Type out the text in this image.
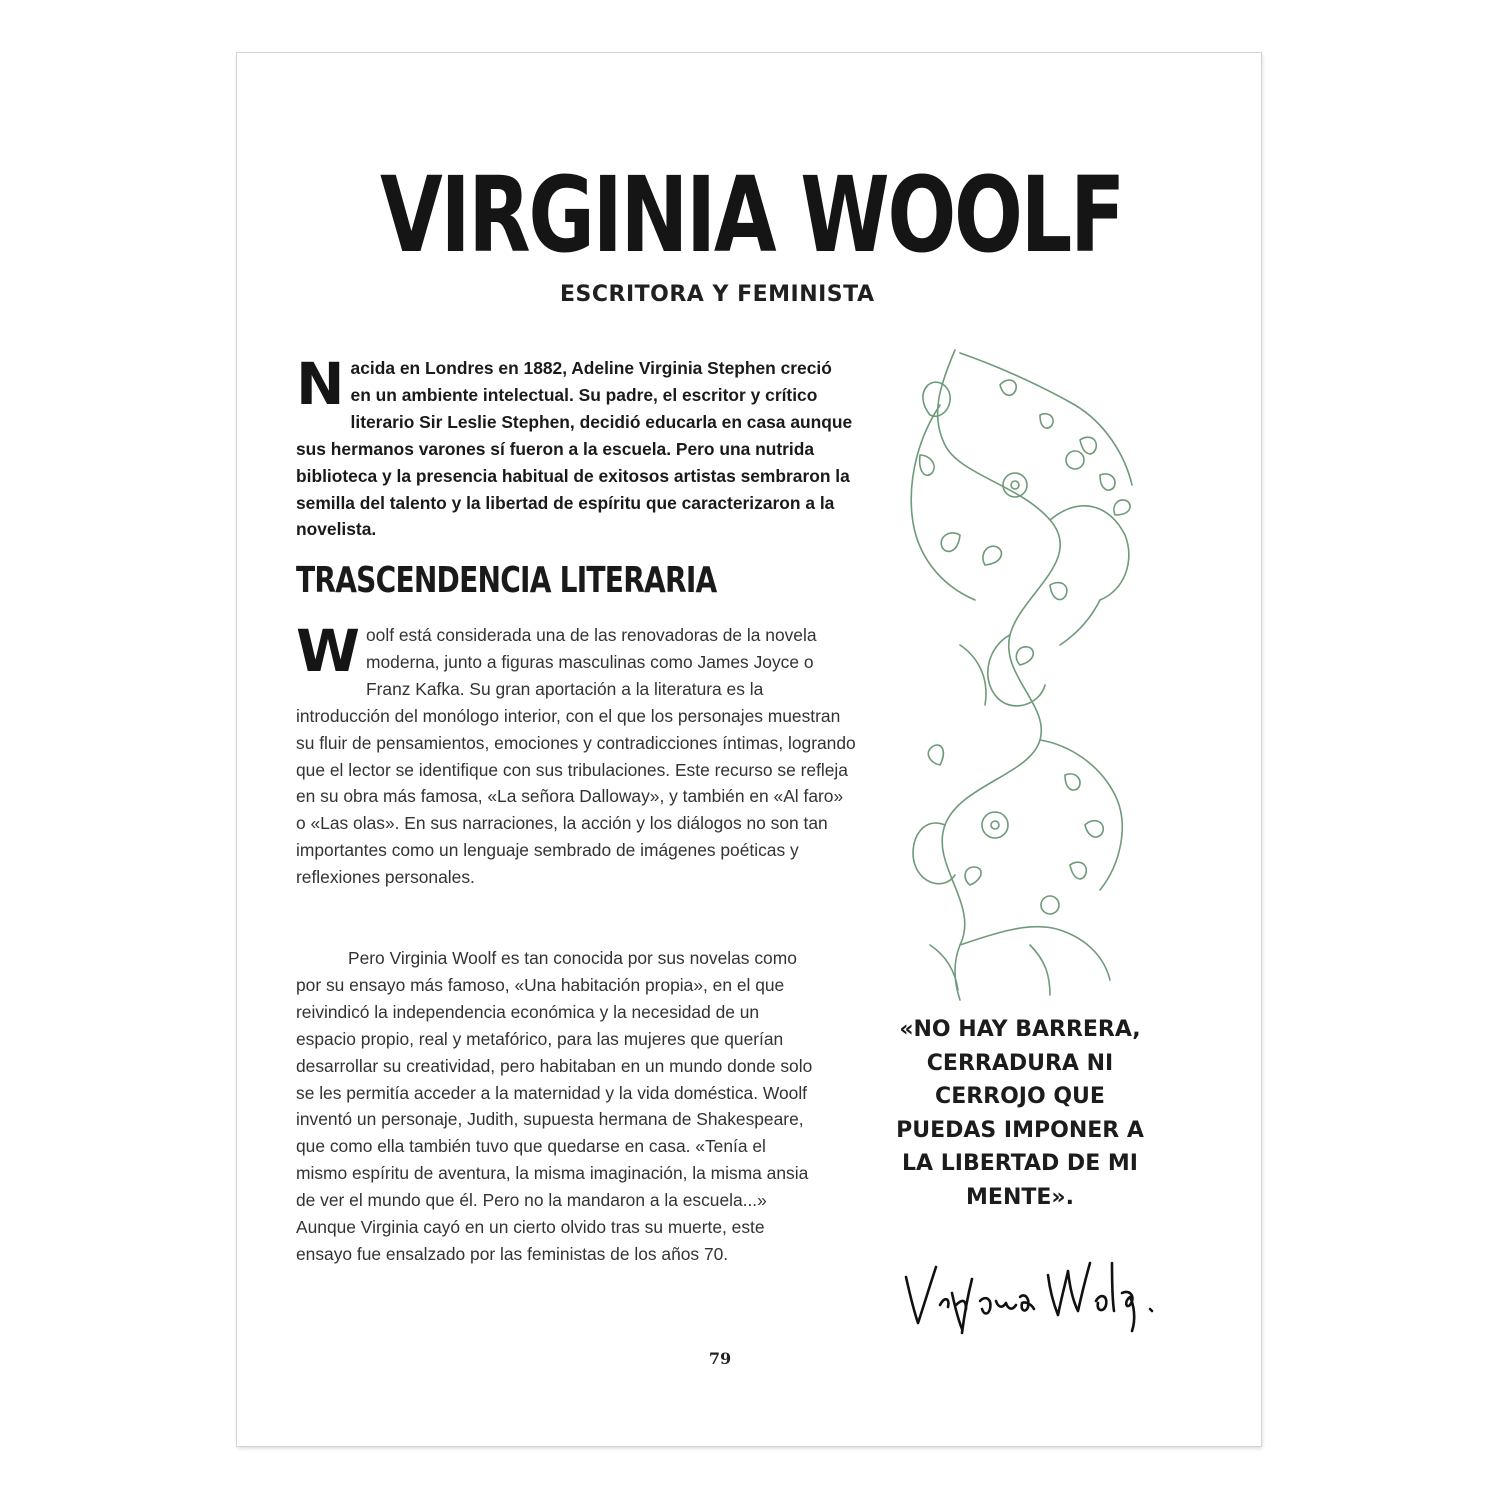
VIRGINIA WOOLF
ESCRITORA Y FEMINISTA

Nacida en Londres en 1882, Adeline Virginia Stephen creció en un ambiente intelectual. Su padre, el escritor y crítico literario Sir Leslie Stephen, decidió educarla en casa aunque sus hermanos varones sí fueron a la escuela. Pero una nutrida biblioteca y la presencia habitual de exitosos artistas sembraron la semilla del talento y la libertad de espíritu que caracterizaron a la novelista.

TRASCENDENCIA LITERARIA

Woolf está considerada una de las renovadoras de la novela moderna, junto a figuras masculinas como James Joyce o Franz Kafka. Su gran aportación a la literatura es la introducción del monólogo interior, con el que los personajes muestran su fluir de pensamientos, emociones y contradicciones íntimas, logrando que el lector se identifique con sus tribulaciones. Este recurso se refleja en su obra más famosa, «La señora Dalloway», y también en «Al faro» o «Las olas». En sus narraciones, la acción y los diálogos no son tan importantes como un lenguaje sembrado de imágenes poéticas y reflexiones personales.

Pero Virginia Woolf es tan conocida por sus novelas como por su ensayo más famoso, «Una habitación propia», en el que reivindicó la independencia económica y la necesidad de un espacio propio, real y metafórico, para las mujeres que querían desarrollar su creatividad, pero habitaban en un mundo donde solo se les permitía acceder a la maternidad y la vida doméstica. Woolf inventó un personaje, Judith, supuesta hermana de Shakespeare, que como ella también tuvo que quedarse en casa. «Tenía el mismo espíritu de aventura, la misma imaginación, la misma ansia de ver el mundo que él. Pero no la mandaron a la escuela...» Aunque Virginia cayó en un cierto olvido tras su muerte, este ensayo fue ensalzado por las feministas de los años 70.

«NO HAY BARRERA, CERRADURA NI CERROJO QUE PUEDAS IMPONER A LA LIBERTAD DE MI MENTE».

79
